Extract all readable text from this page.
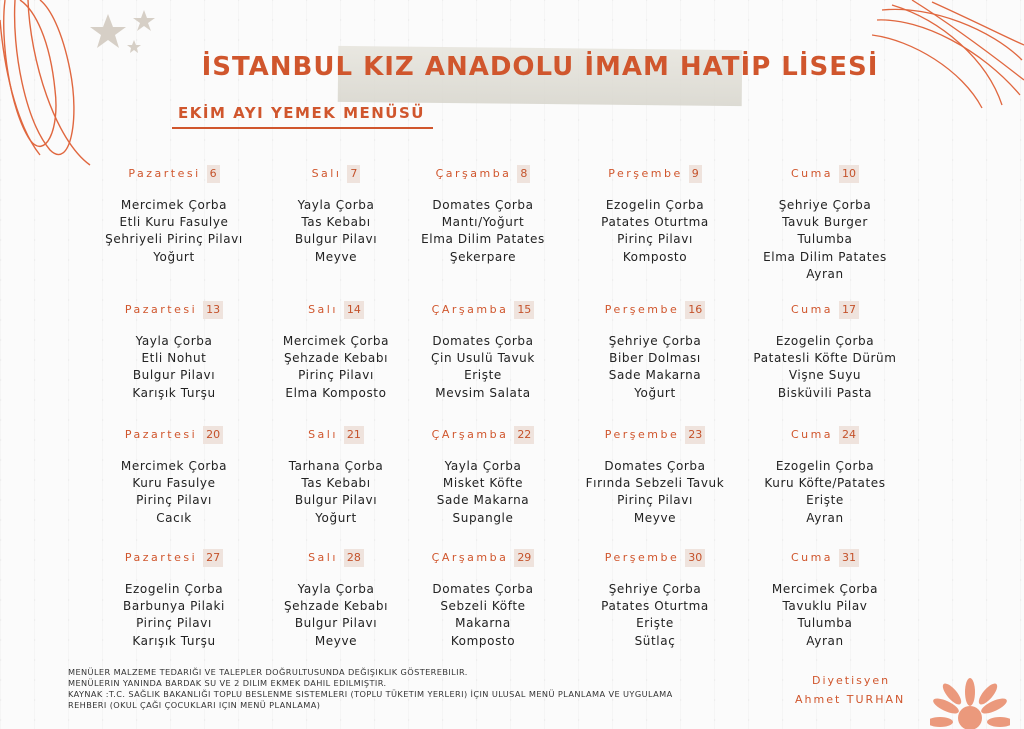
İSTANBUL KIZ ANADOLU İMAM HATİP LİSESİ
EKİM AYI YEMEK MENÜSÜ
Pazartesi 6
Mercimek Çorba
Etli Kuru Fasulye
Şehriyeli Pirinç Pilavı
Yoğurt
Salı 7
Yayla Çorba
Tas Kebabı
Bulgur Pilavı
Meyve
Çarşamba 8
Domates Çorba
Mantı/Yoğurt
Elma Dilim Patates
Şekerpare
Perşembe 9
Ezogelin Çorba
Patates Oturtma
Pirinç Pilavı
Komposto
Cuma 10
Şehriye Çorba
Tavuk Burger
Tulumba
Elma Dilim Patates
Ayran
Pazartesi 13
Yayla Çorba
Etli Nohut
Bulgur Pilavı
Karışık Turşu
Salı 14
Mercimek Çorba
Şehzade Kebabı
Pirinç Pilavı
Elma Komposto
ÇArşamba 15
Domates Çorba
Çin Usulü Tavuk
Erişte
Mevsim Salata
Perşembe 16
Şehriye Çorba
Biber Dolması
Sade Makarna
Yoğurt
Cuma 17
Ezogelin Çorba
Patatesli Köfte Dürüm
Vişne Suyu
Bisküvili Pasta
Pazartesi 20
Mercimek Çorba
Kuru Fasulye
Pirinç Pilavı
Cacık
Salı 21
Tarhana Çorba
Tas Kebabı
Bulgur Pilavı
Yoğurt
ÇArşamba 22
Yayla Çorba
Misket Köfte
Sade Makarna
Supangle
Perşembe 23
Domates Çorba
Fırında Sebzeli Tavuk
Pirinç Pilavı
Meyve
Cuma 24
Ezogelin Çorba
Kuru Köfte/Patates
Erişte
Ayran
Pazartesi 27
Ezogelin Çorba
Barbunya Pilaki
Pirinç Pilavı
Karışık Turşu
Salı 28
Yayla Çorba
Şehzade Kebabı
Bulgur Pilavı
Meyve
ÇArşamba 29
Domates Çorba
Sebzeli Köfte
Makarna
Komposto
Perşembe 30
Şehriye Çorba
Patates Oturtma
Erişte
Sütlaç
Cuma 31
Mercimek Çorba
Tavuklu Pilav
Tulumba
Ayran
MENÜLER MALZEME TEDARIĞI VE TALEPLER DOĞRULTUSUNDA DEĞIŞIKLIK GÖSTEREBILIR.
MENÜLERIN YANINDA BARDAK SU VE 2 DILIM EKMEK DAHIL EDILMIŞTIR.
KAYNAK :T.C. SAĞLIK BAKANLIĞI TOPLU BESLENME SISTEMLERI (TOPLU TÜKETIM YERLERI) İÇIN ULUSAL MENÜ PLANLAMA VE UYGULAMA
REHBERI (OKUL ÇAĞI ÇOCUKLARI IÇIN MENÜ PLANLAMA)
Diyetisyen
Ahmet TURHAN
